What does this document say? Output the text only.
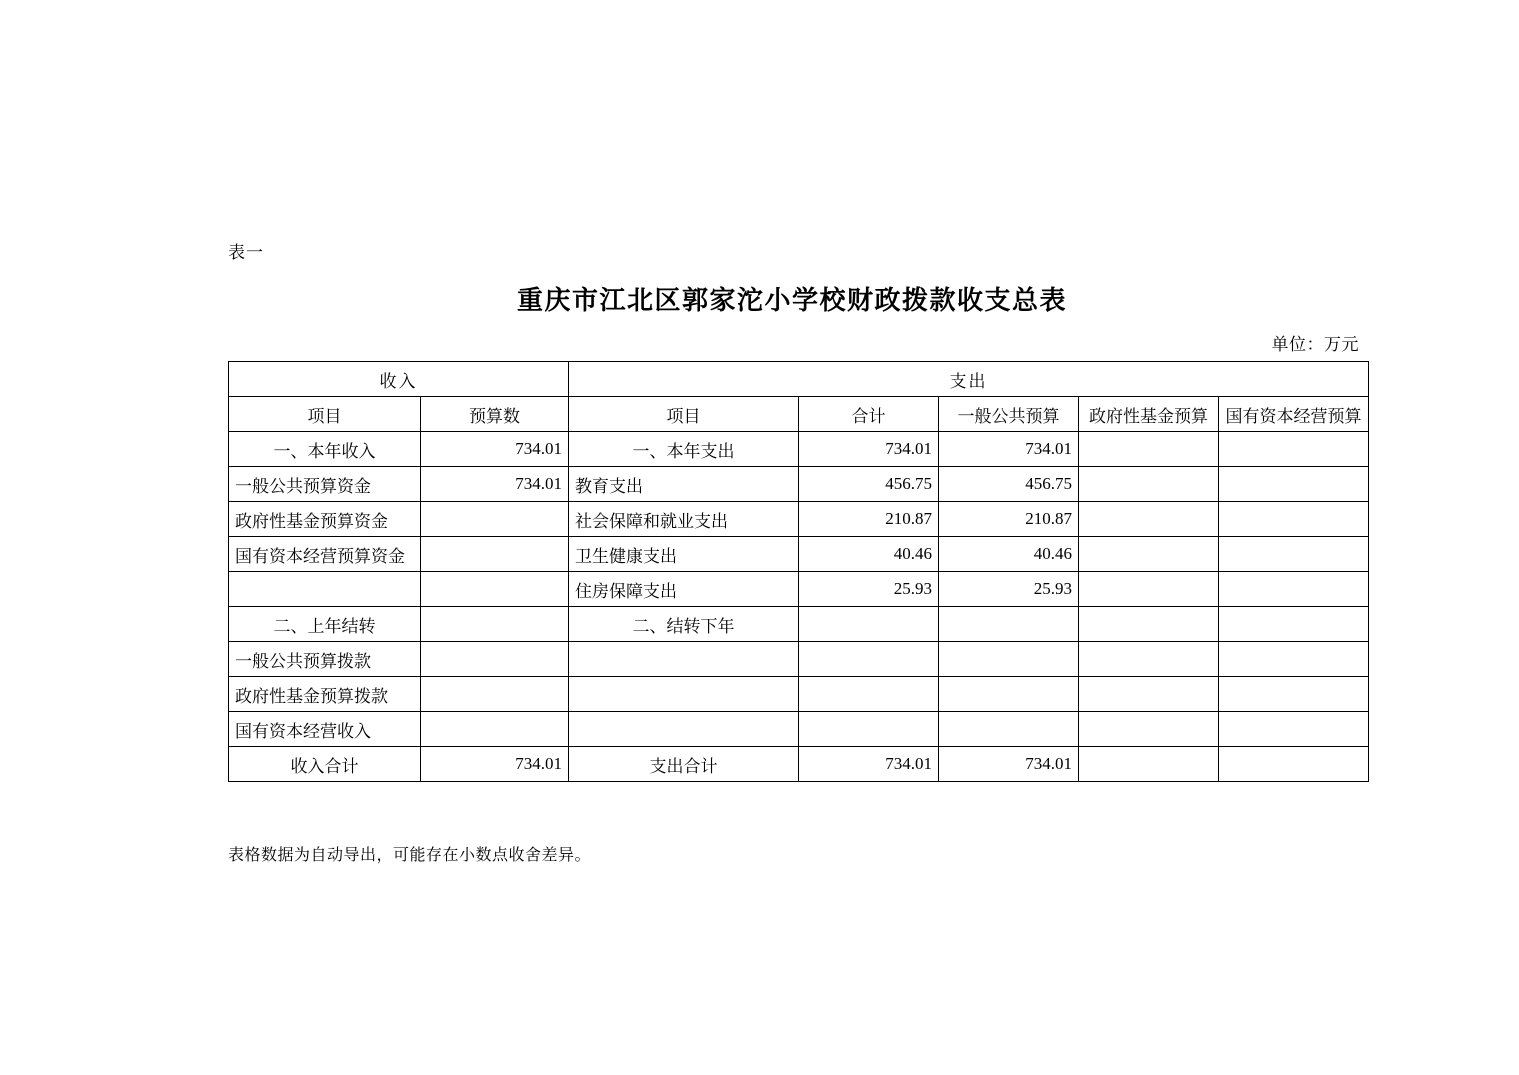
表一
重庆市江北区郭家沱小学校财政拨款收支总表
单位：万元
收入		支出				
项目	预算数	项目	合计	一般公共预算	政府性基金预算	国有资本经营预算
一、本年收入	734.01	一、本年支出	734.01	734.01		
一般公共预算资金	734.01	教育支出	456.75	456.75		
政府性基金预算资金		社会保障和就业支出	210.87	210.87		
国有资本经营预算资金		卫生健康支出	40.46	40.46		
		住房保障支出	25.93	25.93		
二、上年结转		二、结转下年				
一般公共预算拨款						
政府性基金预算拨款						
国有资本经营收入						
收入合计	734.01	支出合计	734.01	734.01		
表格数据为自动导出，可能存在小数点收舍差异。
